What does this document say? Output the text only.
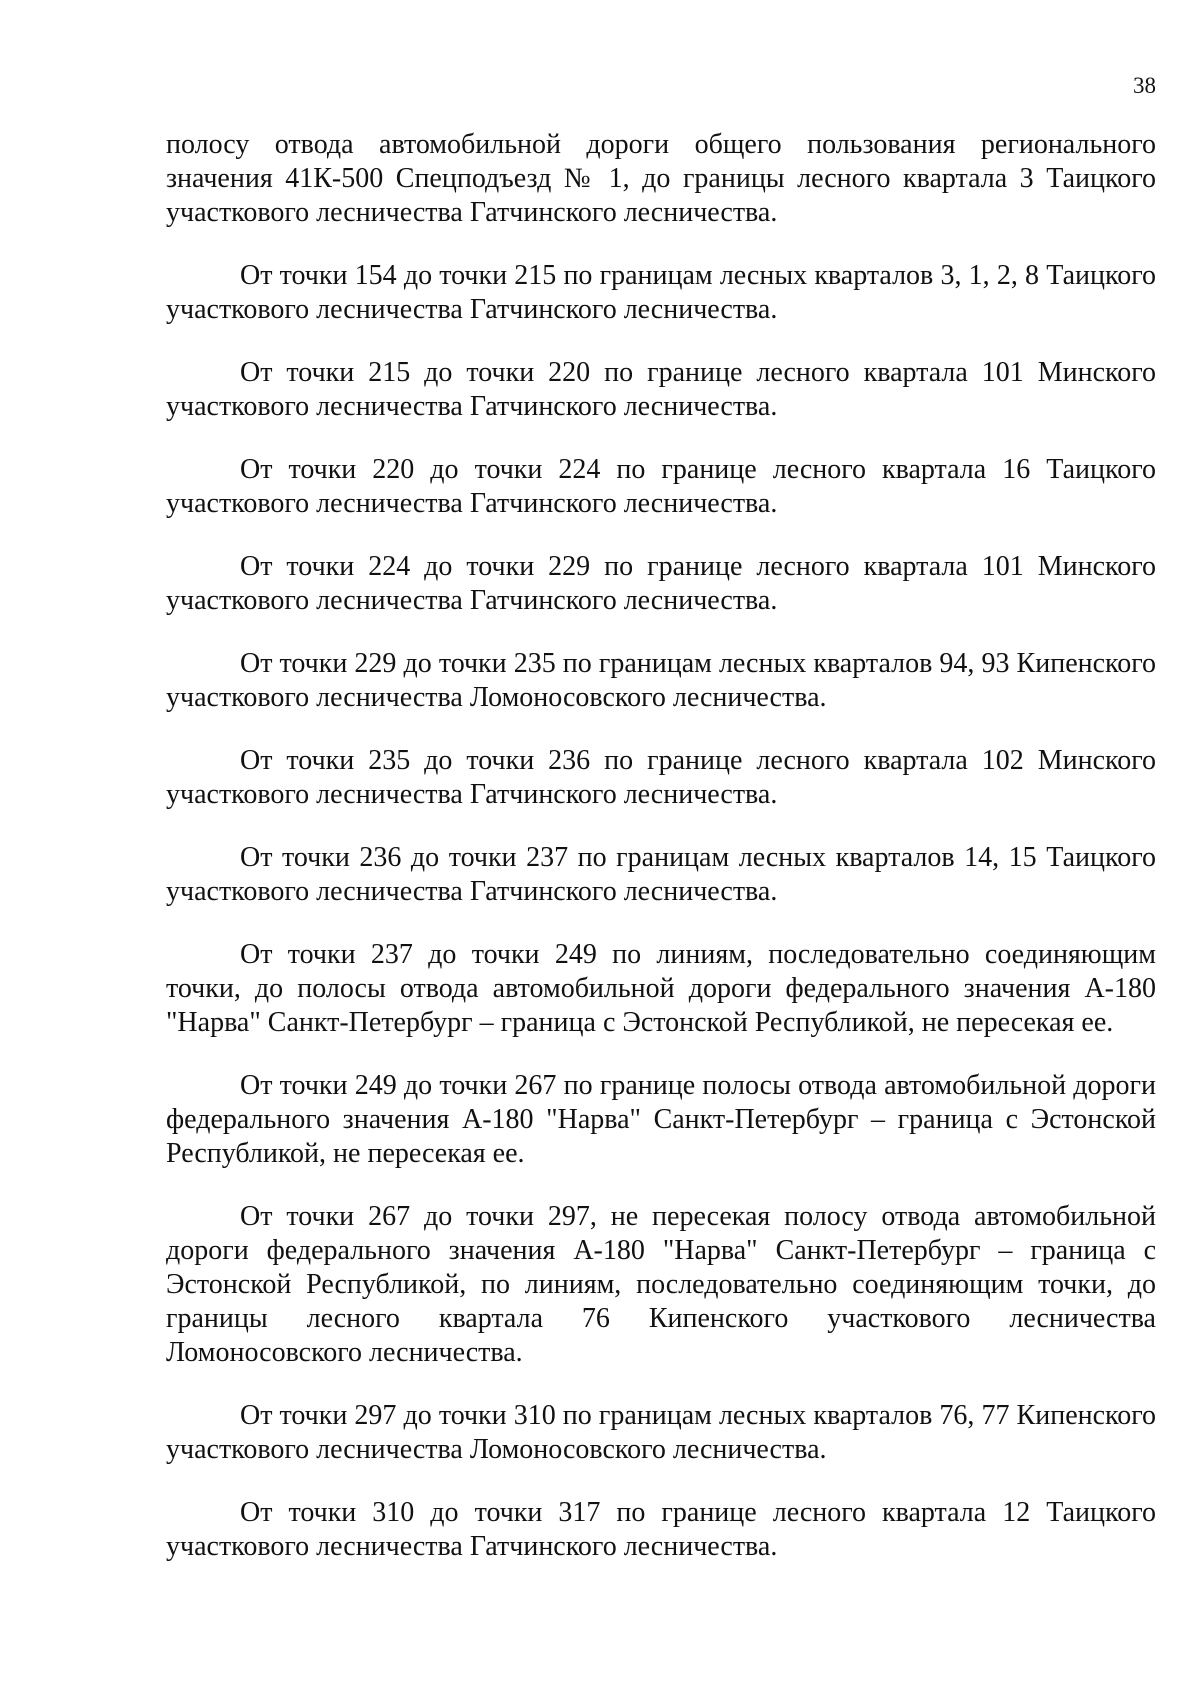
38

полосу отвода автомобильной дороги общего пользования регионального значения 41К-500 Спецподъезд № 1, до границы лесного квартала 3 Таицкого участкового лесничества Гатчинского лесничества.

От точки 154 до точки 215 по границам лесных кварталов 3, 1, 2, 8 Таицкого участкового лесничества Гатчинского лесничества.

От точки 215 до точки 220 по границе лесного квартала 101 Минского участкового лесничества Гатчинского лесничества.

От точки 220 до точки 224 по границе лесного квартала 16 Таицкого участкового лесничества Гатчинского лесничества.

От точки 224 до точки 229 по границе лесного квартала 101 Минского участкового лесничества Гатчинского лесничества.

От точки 229 до точки 235 по границам лесных кварталов 94, 93 Кипенского участкового лесничества Ломоносовского лесничества.

От точки 235 до точки 236 по границе лесного квартала 102 Минского участкового лесничества Гатчинского лесничества.

От точки 236 до точки 237 по границам лесных кварталов 14, 15 Таицкого участкового лесничества Гатчинского лесничества.

От точки 237 до точки 249 по линиям, последовательно соединяющим точки, до полосы отвода автомобильной дороги федерального значения А-180 "Нарва" Санкт-Петербург – граница с Эстонской Республикой, не пересекая ее.

От точки 249 до точки 267 по границе полосы отвода автомобильной дороги федерального значения А-180 "Нарва" Санкт-Петербург – граница с Эстонской Республикой, не пересекая ее.

От точки 267 до точки 297, не пересекая полосу отвода автомобильной дороги федерального значения А-180 "Нарва" Санкт-Петербург – граница с Эстонской Республикой, по линиям, последовательно соединяющим точки, до границы лесного квартала 76 Кипенского участкового лесничества Ломоносовского лесничества.

От точки 297 до точки 310 по границам лесных кварталов 76, 77 Кипенского участкового лесничества Ломоносовского лесничества.

От точки 310 до точки 317 по границе лесного квартала 12 Таицкого участкового лесничества Гатчинского лесничества.
